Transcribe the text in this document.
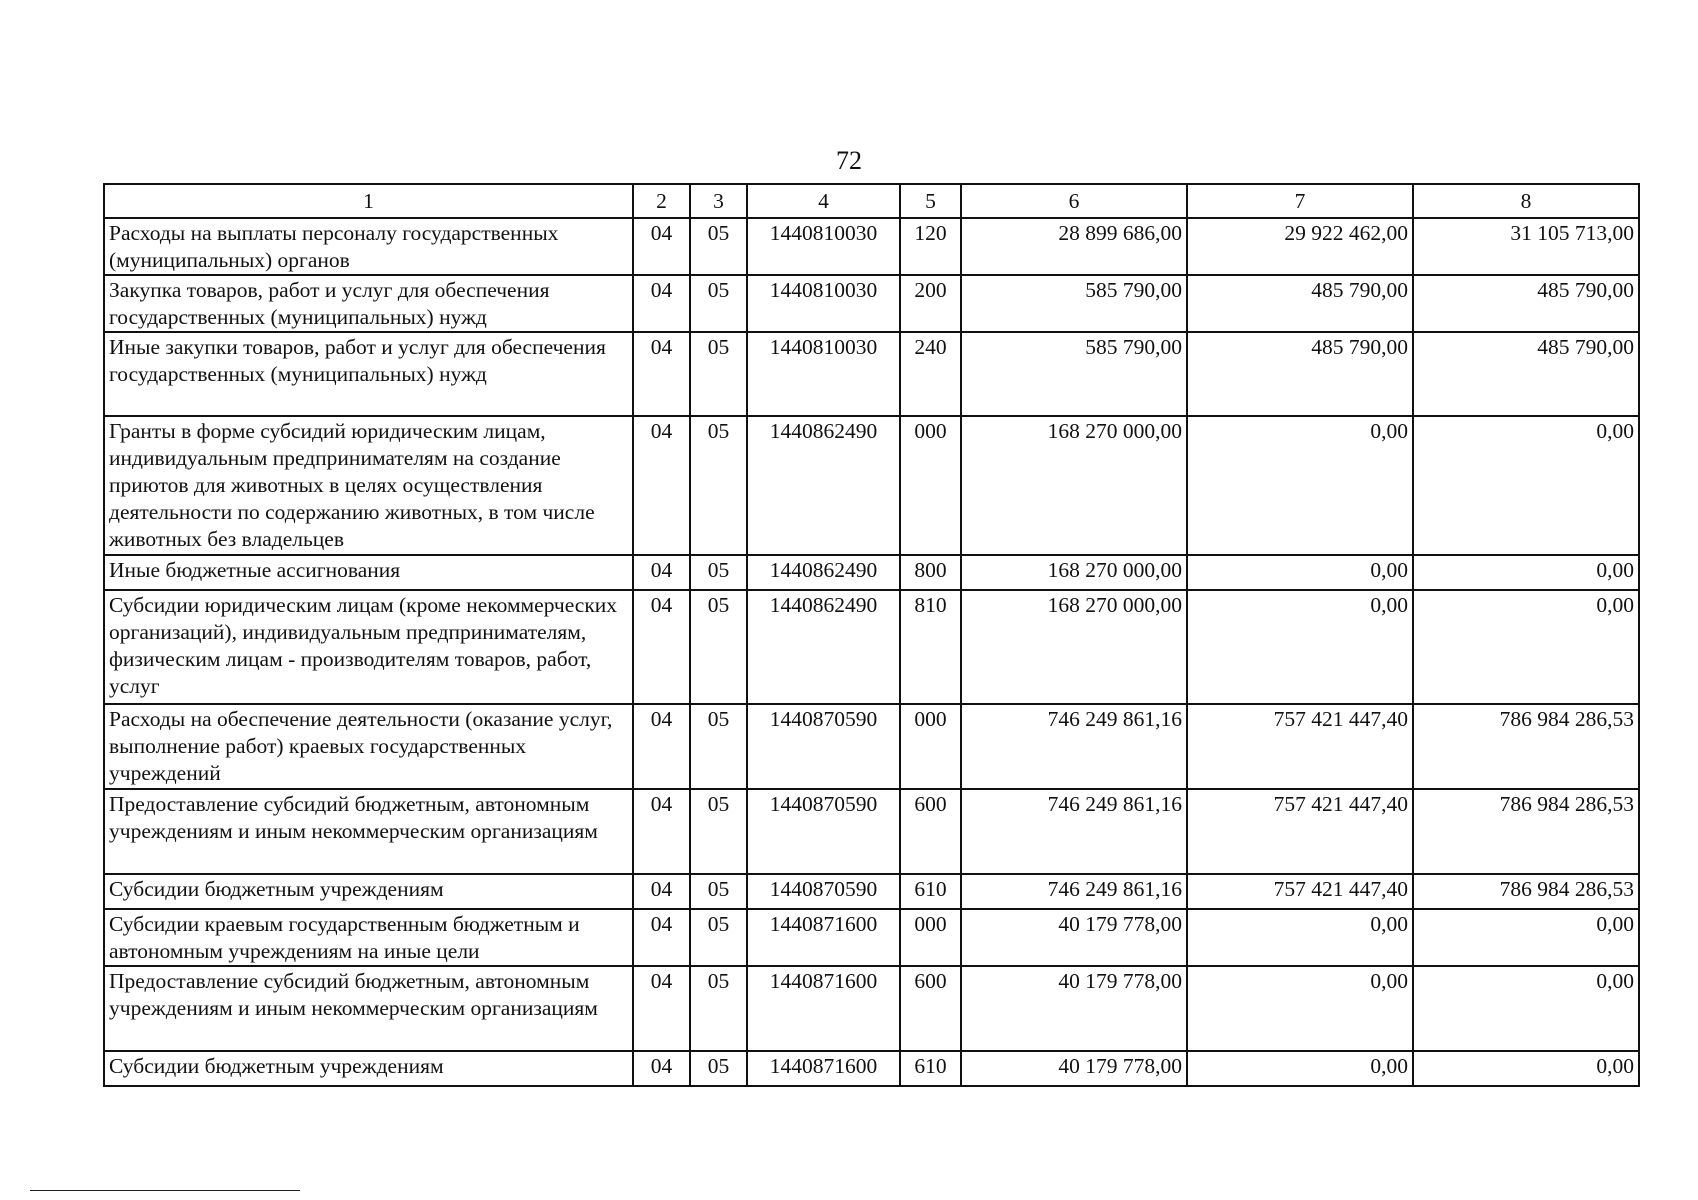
72
1	2	3	4	5	6	7	8
Расходы на выплаты персоналу государственных (муниципальных) органов	04	05	1440810030	120	28 899 686,00	29 922 462,00	31 105 713,00
Закупка товаров, работ и услуг для обеспечения государственных (муниципальных) нужд	04	05	1440810030	200	585 790,00	485 790,00	485 790,00
Иные закупки товаров, работ и услуг для обеспечения государственных (муниципальных) нужд	04	05	1440810030	240	585 790,00	485 790,00	485 790,00
Гранты в форме субсидий юридическим лицам, индивидуальным предпринимателям на создание приютов для животных в целях осуществления деятельности по содержанию животных, в том числе животных без владельцев	04	05	1440862490	000	168 270 000,00	0,00	0,00
Иные бюджетные ассигнования	04	05	1440862490	800	168 270 000,00	0,00	0,00
Субсидии юридическим лицам (кроме некоммерческих организаций), индивидуальным предпринимателям, физическим лицам - производителям товаров, работ, услуг	04	05	1440862490	810	168 270 000,00	0,00	0,00
Расходы на обеспечение деятельности (оказание услуг, выполнение работ) краевых государственных учреждений	04	05	1440870590	000	746 249 861,16	757 421 447,40	786 984 286,53
Предоставление субсидий бюджетным, автономным учреждениям и иным некоммерческим организациям	04	05	1440870590	600	746 249 861,16	757 421 447,40	786 984 286,53
Субсидии бюджетным учреждениям	04	05	1440870590	610	746 249 861,16	757 421 447,40	786 984 286,53
Субсидии краевым государственным бюджетным и автономным учреждениям на иные цели	04	05	1440871600	000	40 179 778,00	0,00	0,00
Предоставление субсидий бюджетным, автономным учреждениям и иным некоммерческим организациям	04	05	1440871600	600	40 179 778,00	0,00	0,00
Субсидии бюджетным учреждениям	04	05	1440871600	610	40 179 778,00	0,00	0,00
